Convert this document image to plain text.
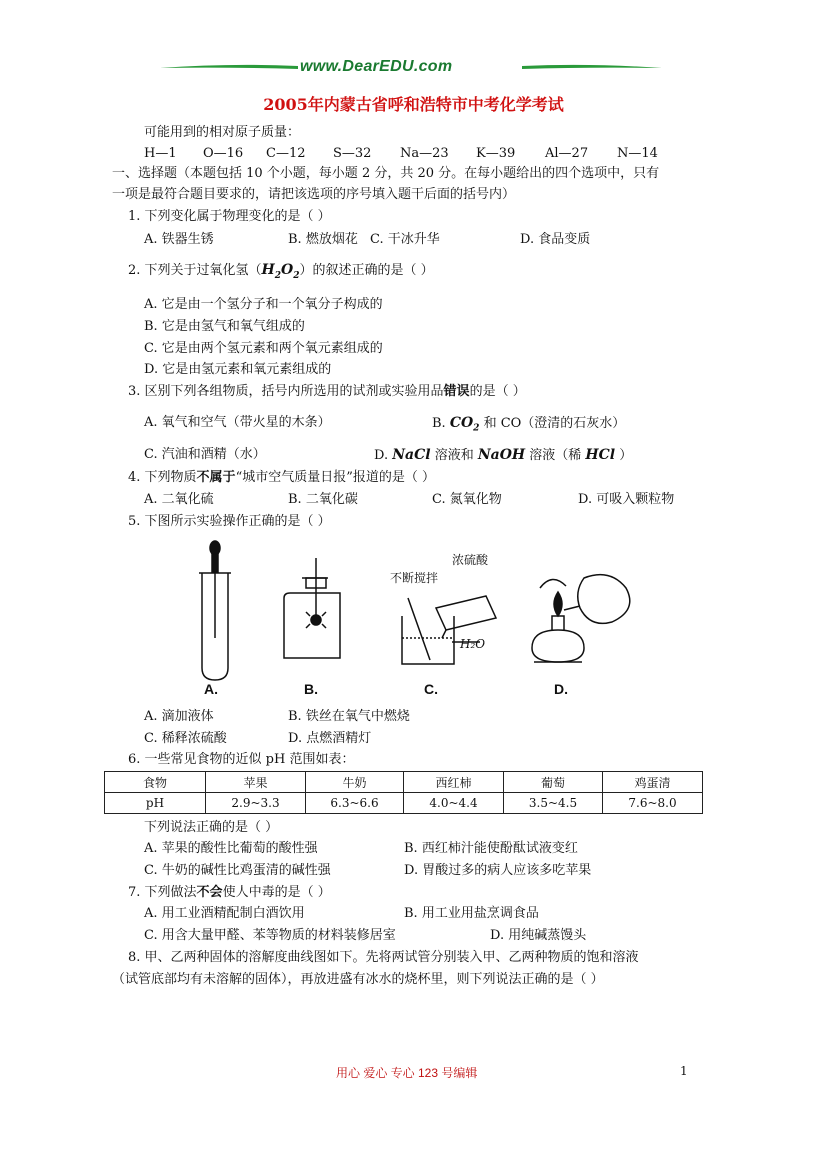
www.DearEDU.com
2005年内蒙古省呼和浩特市中考化学考试
可能用到的相对原子质量：
H—1 O—16 C—12 S—32 Na—23 K—39 Al—27 N—14
一、选择题（本题包括 10 个小题，每小题 2 分，共 20 分。在每小题给出的四个选项中，只有
一项是最符合题目要求的，请把该选项的序号填入题干后面的括号内）
1. 下列变化属于物理变化的是（ ）
A. 铁器生锈	B. 燃放烟花 C. 干冰升华	D. 食品变质
2. 下列关于过氧化氢$(H_2O_2)$的叙述正确的是（ ）
A. 它是由一个氢分子和一个氧分子构成的
B. 它是由氢气和氧气组成的
C. 它是由两个氢元素和两个氧元素组成的
D. 它是由氢元素和氧元素组成的
3. 区别下列各组物质，括号内所选用的试剂或实验用品错误的是（ ）
A. 氧气和空气（带火星的木条）	B. $CO_2$ 和 CO（澄清的石灰水）
C. 汽油和酒精（水）	D. NaCl 溶液和 NaOH 溶液（稀 HCl ）
4. 下列物质不属于“城市空气质量日报”报道的是（ ）
A. 二氧化硫	B. 二氧化碳	C. 氮氧化物	D. 可吸入颗粒物
5. 下图所示实验操作正确的是（ ）
不断搅拌
浓硫酸
H₂O
A.	B.	C.	D.
A. 滴加液体	B. 铁丝在氧气中燃烧
C. 稀释浓硫酸	D. 点燃酒精灯
6. 一些常见食物的近似 pH 范围如表：
食物	苹果	牛奶	西红柿	葡萄	鸡蛋清
pH	2.9~3.3	6.3~6.6	4.0~4.4	3.5~4.5	7.6~8.0
下列说法正确的是（ ）
A. 苹果的酸性比葡萄的酸性强	B. 西红柿汁能使酚酞试液变红
C. 牛奶的碱性比鸡蛋清的碱性强	D. 胃酸过多的病人应该多吃苹果
7. 下列做法不会使人中毒的是（ ）
A. 用工业酒精配制白酒饮用	B. 用工业用盐烹调食品
C. 用含大量甲醛、苯等物质的材料装修居室	D. 用纯碱蒸馒头
8. 甲、乙两种固体的溶解度曲线图如下。先将两试管分别装入甲、乙两种物质的饱和溶液
（试管底部均有未溶解的固体），再放进盛有冰水的烧杯里，则下列说法正确的是（ ）
用心 爱心 专心 123 号编辑	1
